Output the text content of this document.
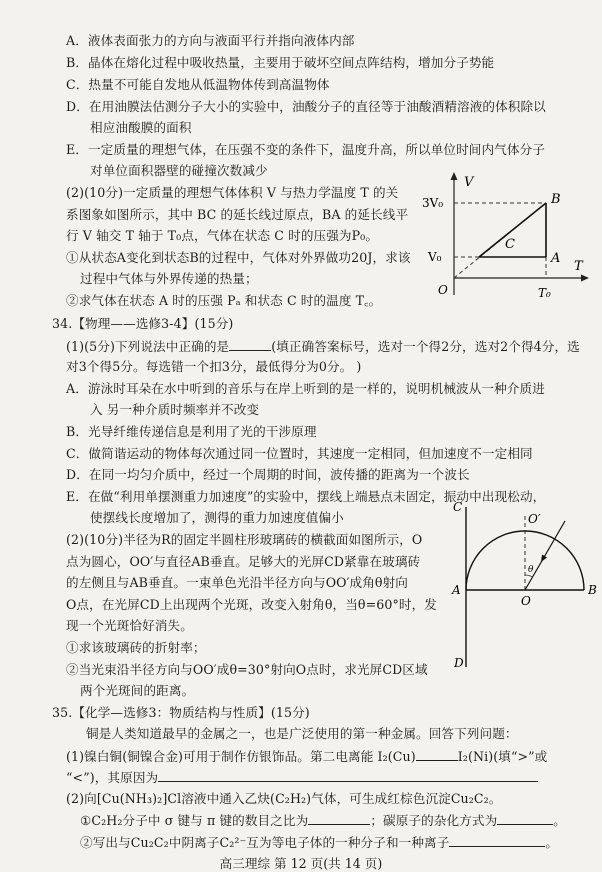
A．液体表面张力的方向与液面平行并指向液体内部
B．晶体在熔化过程中吸收热量，主要用于破坏空间点阵结构，增加分子势能
C．热量不可能自发地从低温物体传到高温物体
D．在用油膜法估测分子大小的实验中，油酸分子的直径等于油酸酒精溶液的体积除以
相应油酸膜的面积
E．一定质量的理想气体，在压强不变的条件下，温度升高，所以单位时间内气体分子
对单位面积器壁的碰撞次数减少
(2)(10分)一定质量的理想气体体积 V 与热力学温度 T 的关
系图象如图所示，其中 BC 的延长线过原点，BA 的延长线平
行 V 轴交 T 轴于 T₀点，气体在状态 C 时的压强为P₀。
①从状态A变化到状态B的过程中，气体对外界做功20J，求该
过程中气体与外界传递的热量；
②求气体在状态 A 时的压强 Pₐ 和状态 C 时的温度 T꜀。
V
T
3V₀
V₀
O	T₀
B
A
C
34.【物理——选修3-4】(15分)
(1)(5分)下列说法中正确的是	(填正确答案标号，选对一个得2分，选对2个得4分，选
对3个得5分。每选错一个扣3分，最低得分为0分。 )
A．游泳时耳朵在水中听到的音乐与在岸上听到的是一样的，说明机械波从一种介质进
入 另一种介质时频率并不改变
B．光导纤维传递信息是利用了光的干涉原理
C．做简谐运动的物体每次通过同一位置时，其速度一定相同，但加速度不一定相同
D．在同一均匀介质中，经过一个周期的时间，波传播的距离为一个波长
E．在做“利用单摆测重力加速度”的实验中，摆线上端悬点未固定，振动中出现松动，
使摆线长度增加了，测得的重力加速度值偏小
(2)(10分)半径为R的固定半圆柱形玻璃砖的横截面如图所示，O
点为圆心，OO′与直径AB垂直。足够大的光屏CD紧靠在玻璃砖
的左侧且与AB垂直。一束单色光沿半径方向与OO′成角θ射向
O点，在光屏CD上出现两个光斑，改变入射角θ，当θ=60°时，发
现一个光斑恰好消失。
①求该玻璃砖的折射率；
②当光束沿半径方向与OO′成θ=30°射向O点时，求光屏CD区域
两个光斑间的距离。
C
D
A	B
O
O′
θ
35.【化学—选修3：物质结构与性质】(15分)
铜是人类知道最早的金属之一，也是广泛使用的第一种金属。回答下列问题：
(1)镍白铜(铜镍合金)可用于制作仿银饰品。第二电离能 I₂(Cu)	I₂(Ni)(填“>”或
“<”)，其原因为
(2)向[Cu(NH₃)₂]Cl溶液中通入乙炔(C₂H₂)气体，可生成红棕色沉淀Cu₂C₂。
①C₂H₂分子中 σ 键与 π 键的数目之比为	；碳原子的杂化方式为	。
②写出与Cu₂C₂中阴离子C₂²⁻互为等电子体的一种分子和一种离子	。
高三理综 第 12 页(共 14 页)
